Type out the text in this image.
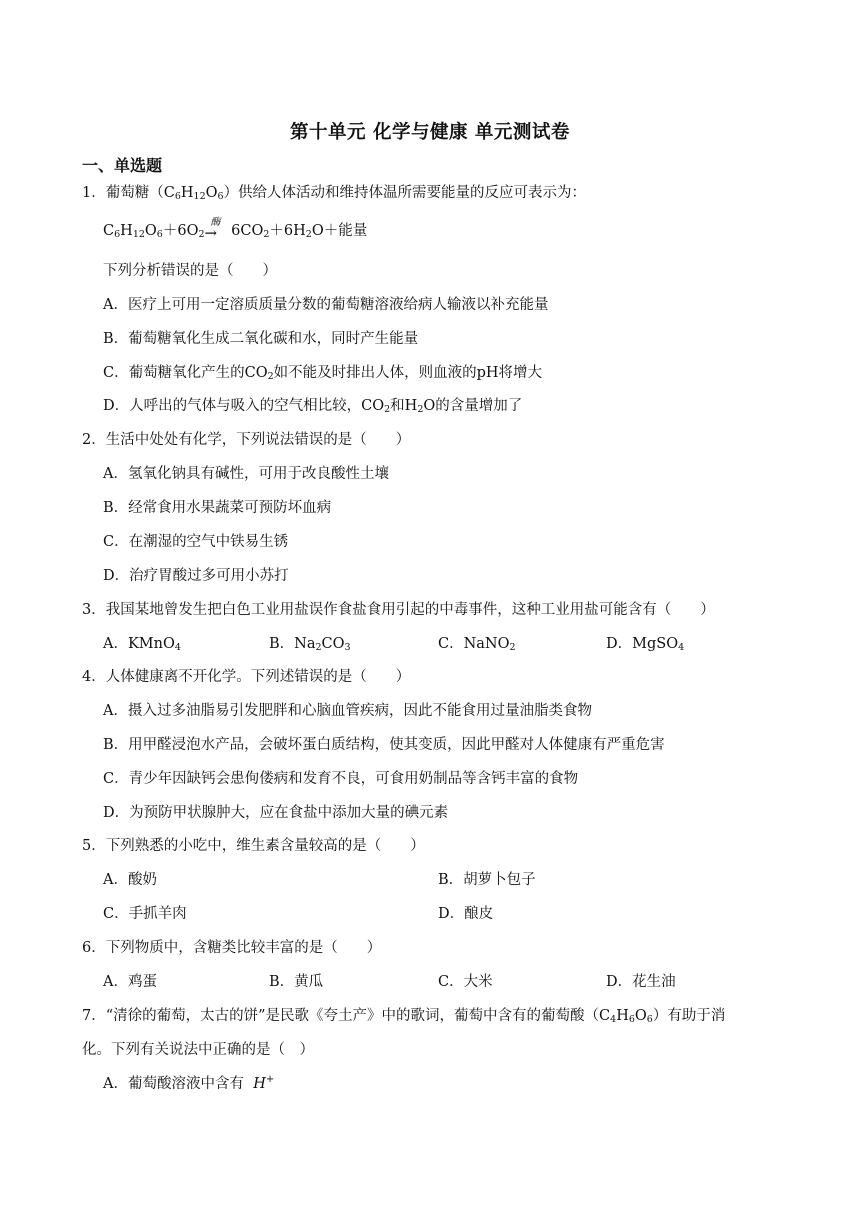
第十单元 化学与健康 单元测试卷
一、单选题
1．葡萄糖$(C_6H_{12}O_6)$供给人体活动和维持体温所需要能量的反应可表示为：
$C_6H_{12}O_6+6O_2$
酶
→ $6CO_2+6H_2O+$能量
下列分析错误的是（　　）
A．医疗上可用一定溶质质量分数的葡萄糖溶液给病人输液以补充能量
B．葡萄糖氧化生成二氧化碳和水，同时产生能量
C．葡萄糖氧化产生的$CO_2$如不能及时排出人体，则血液的pH将增大
D．人呼出的气体与吸入的空气相比较，$CO_2$和$H_2O$的含量增加了
2．生活中处处有化学，下列说法错误的是（　　）
A．氢氧化钠具有碱性，可用于改良酸性土壤
B．经常食用水果蔬菜可预防坏血病
C．在潮湿的空气中铁易生锈
D．治疗胃酸过多可用小苏打
3．我国某地曾发生把白色工业用盐误作食盐食用引起的中毒事件，这种工业用盐可能含有（　　）
A．KMnO$_4$	B．$Na_2CO_3$	C．NaNO$_2$	D．MgSO$_4$
4．人体健康离不开化学。下列述错误的是（　　）
A．摄入过多油脂易引发肥胖和心脑血管疾病，因此不能食用过量油脂类食物
B．用甲醛浸泡水产品，会破坏蛋白质结构，使其变质，因此甲醛对人体健康有严重危害
C．青少年因缺钙会患佝偻病和发育不良，可食用奶制品等含钙丰富的食物
D．为预防甲状腺肿大，应在食盐中添加大量的碘元素
5．下列熟悉的小吃中，维生素含量较高的是（　　）
A．酸奶	B．胡萝卜包子
C．手抓羊肉	D．酿皮
6．下列物质中，含糖类比较丰富的是（　　）
A．鸡蛋	B．黄瓜	C．大米	D．花生油
7．“清徐的葡萄，太古的饼”是民歌《夸土产》中的歌词，葡萄中含有的葡萄酸$(C_4H_6O_6)$有助于消
化。下列有关说法中正确的是（　）
A．葡萄酸溶液中含有 H+
